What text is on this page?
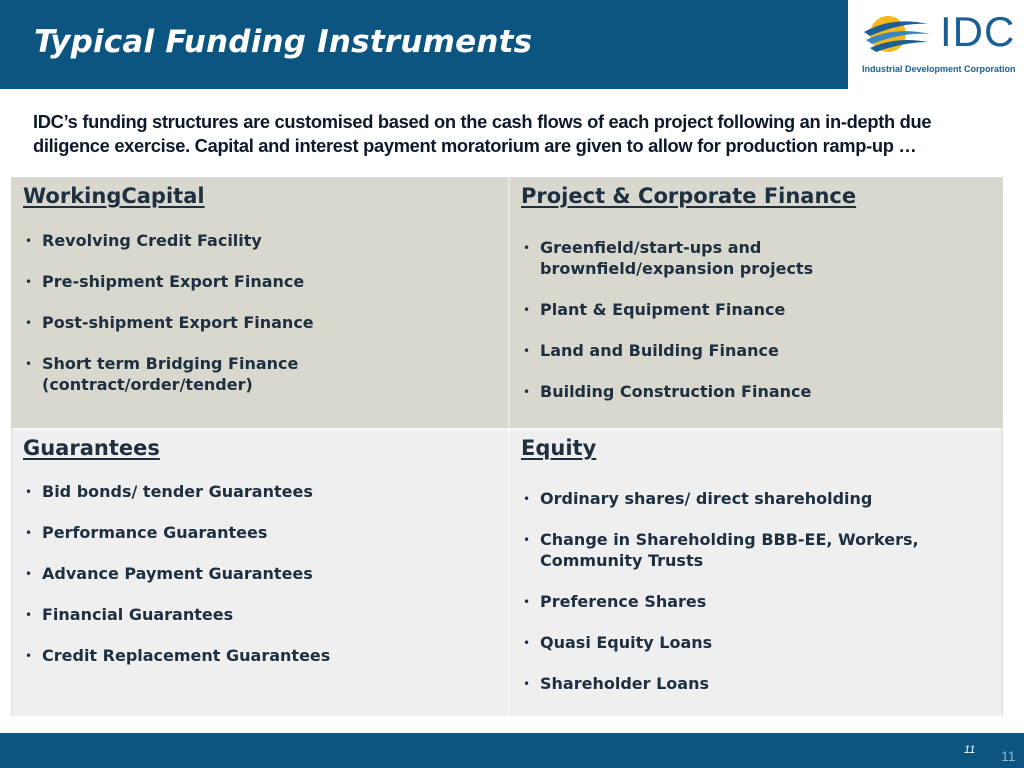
Typical Funding Instruments	IDC
Industrial Development Corporation
IDC’s funding structures are customised based on the cash flows of each project following an in-depth due diligence exercise. Capital and interest payment moratorium are given to allow for production ramp-up …
WorkingCapital
• Revolving Credit Facility
• Pre-shipment Export Finance
• Post-shipment Export Finance
• Short term Bridging Finance (contract/order/tender)
Project & Corporate Finance
• Greenfield/start-ups and brownfield/expansion projects
• Plant & Equipment Finance
• Land and Building Finance
• Building Construction Finance
Guarantees
• Bid bonds/ tender Guarantees
• Performance Guarantees
• Advance Payment Guarantees
• Financial Guarantees
• Credit Replacement Guarantees
Equity
• Ordinary shares/ direct shareholding
• Change in Shareholding BBB-EE, Workers, Community Trusts
• Preference Shares
• Quasi Equity Loans
• Shareholder Loans
11 11
